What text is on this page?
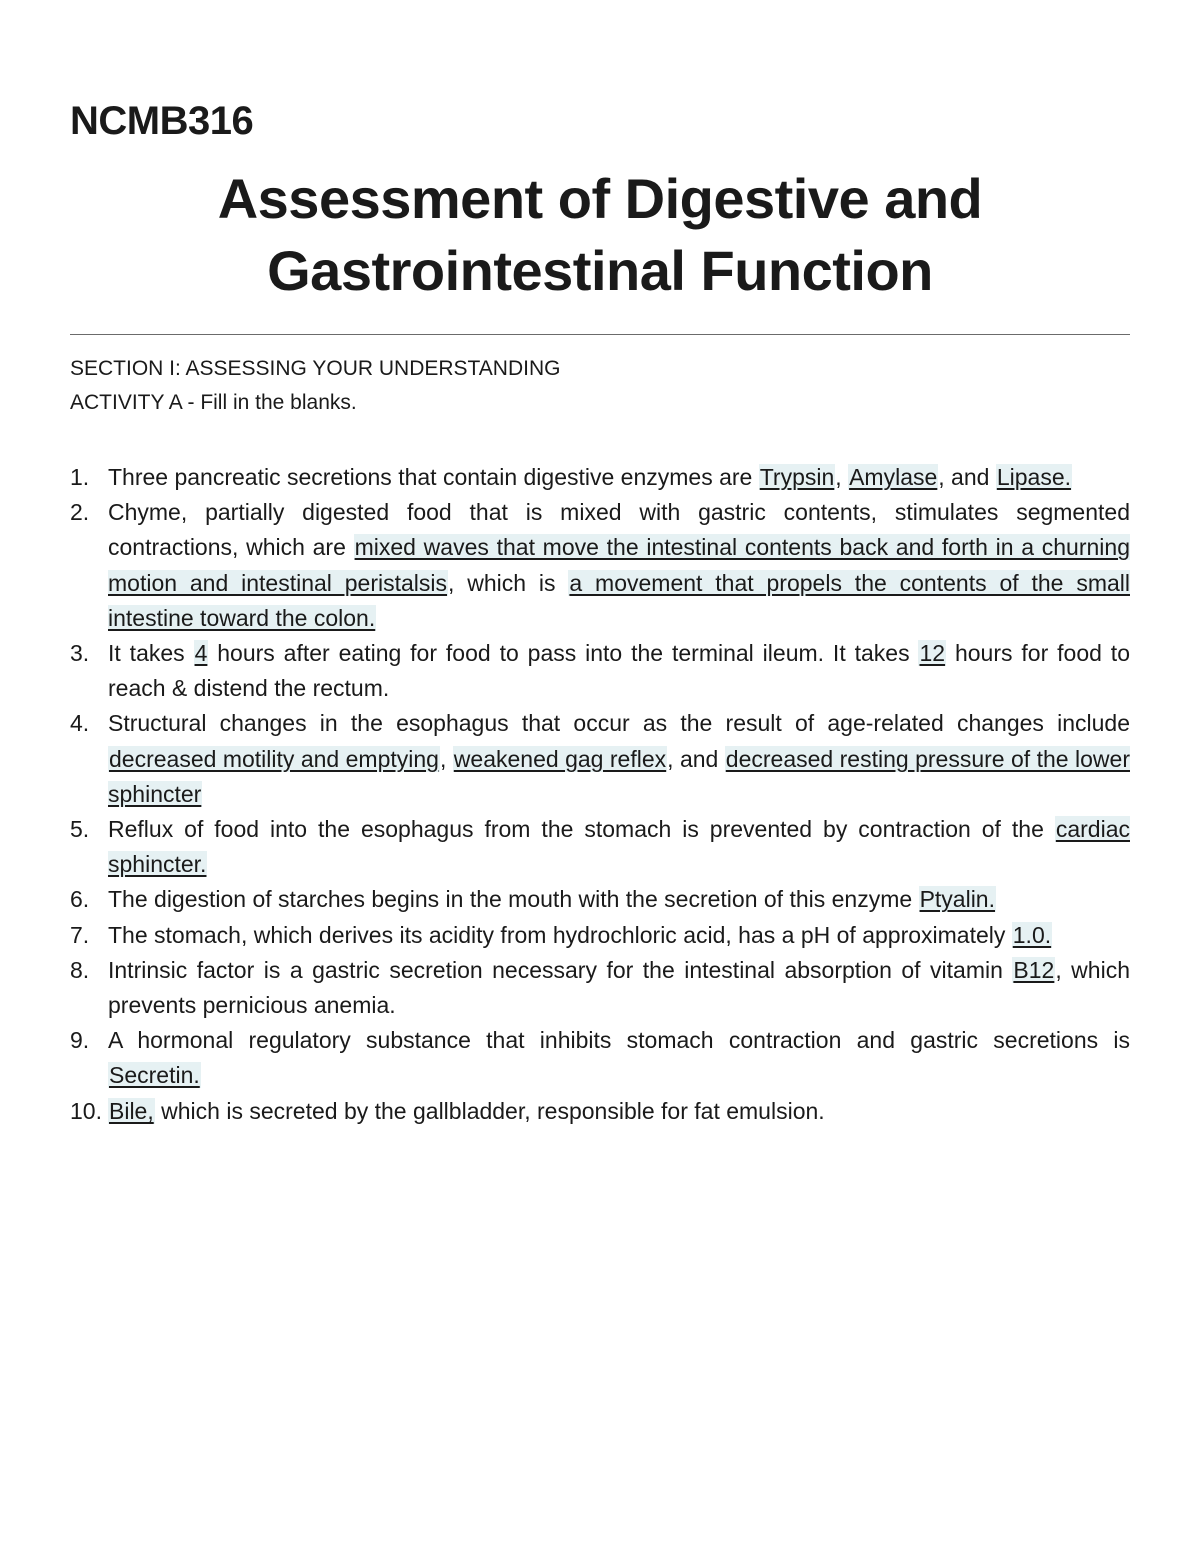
NCMB316
Assessment of Digestive and Gastrointestinal Function

SECTION I: ASSESSING YOUR UNDERSTANDING

ACTIVITY A - Fill in the blanks.

1. Three pancreatic secretions that contain digestive enzymes are Trypsin, Amylase, and Lipase.
2. Chyme, partially digested food that is mixed with gastric contents, stimulates segmented contractions, which are mixed waves that move the intestinal contents back and forth in a churning motion and intestinal peristalsis, which is a movement that propels the contents of the small intestine toward the colon.
3. It takes 4 hours after eating for food to pass into the terminal ileum. It takes 12 hours for food to reach & distend the rectum.
4. Structural changes in the esophagus that occur as the result of age-related changes include decreased motility and emptying, weakened gag reflex, and decreased resting pressure of the lower sphincter
5. Reflux of food into the esophagus from the stomach is prevented by contraction of the cardiac sphincter.
6. The digestion of starches begins in the mouth with the secretion of this enzyme Ptyalin.
7. The stomach, which derives its acidity from hydrochloric acid, has a pH of approximately 1.0.
8. Intrinsic factor is a gastric secretion necessary for the intestinal absorption of vitamin B12, which prevents pernicious anemia.
9. A hormonal regulatory substance that inhibits stomach contraction and gastric secretions is Secretin.
10. Bile, which is secreted by the gallbladder, responsible for fat emulsion.
